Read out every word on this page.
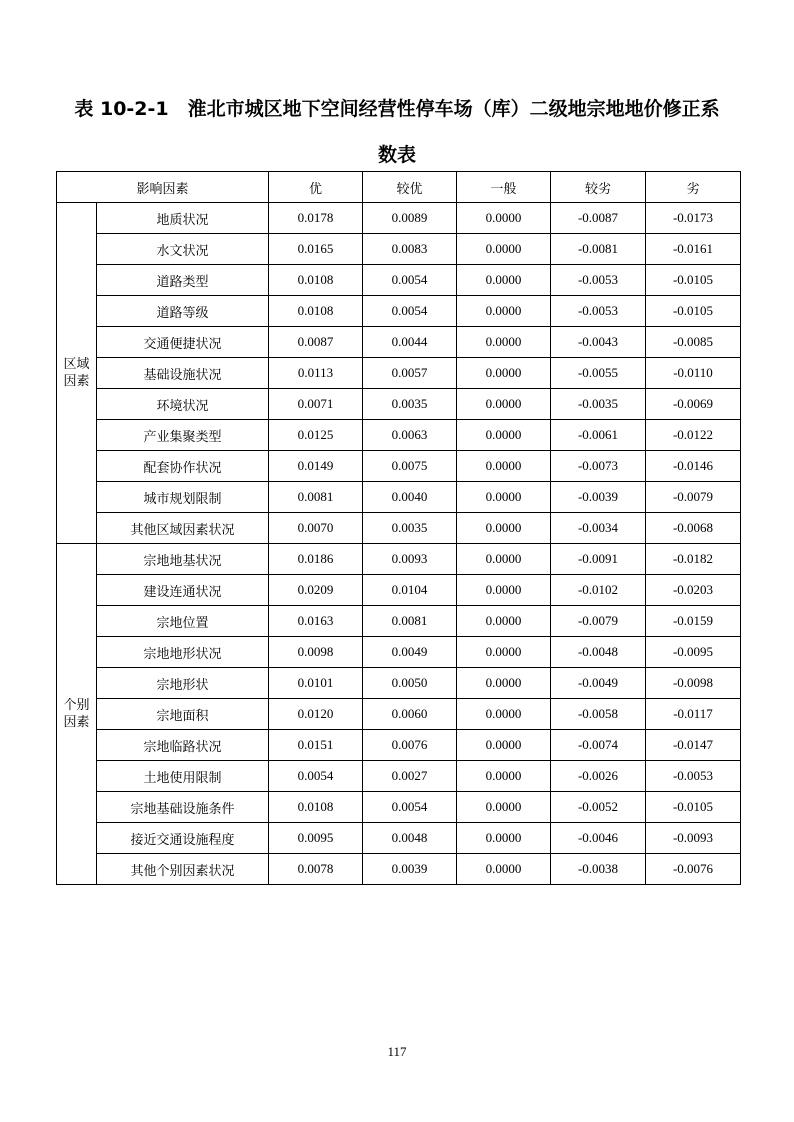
表 10-2-1　淮北市城区地下空间经营性停车场（库）二级地宗地地价修正系
数表
影响因素		优	较优	一般	较劣	劣

区域
因素	地质状况	0.0178	0.0089	0.0000	-0.0087	-0.0173
	水文状况	0.0165	0.0083	0.0000	-0.0081	-0.0161
	道路类型	0.0108	0.0054	0.0000	-0.0053	-0.0105
	道路等级	0.0108	0.0054	0.0000	-0.0053	-0.0105
	交通便捷状况	0.0087	0.0044	0.0000	-0.0043	-0.0085
	基础设施状况	0.0113	0.0057	0.0000	-0.0055	-0.0110
	环境状况	0.0071	0.0035	0.0000	-0.0035	-0.0069
	产业集聚类型	0.0125	0.0063	0.0000	-0.0061	-0.0122
	配套协作状况	0.0149	0.0075	0.0000	-0.0073	-0.0146
	城市规划限制	0.0081	0.0040	0.0000	-0.0039	-0.0079
	其他区域因素状况	0.0070	0.0035	0.0000	-0.0034	-0.0068

个别
因素	宗地地基状况	0.0186	0.0093	0.0000	-0.0091	-0.0182
	建设连通状况	0.0209	0.0104	0.0000	-0.0102	-0.0203
	宗地位置	0.0163	0.0081	0.0000	-0.0079	-0.0159
	宗地地形状况	0.0098	0.0049	0.0000	-0.0048	-0.0095
	宗地形状	0.0101	0.0050	0.0000	-0.0049	-0.0098
	宗地面积	0.0120	0.0060	0.0000	-0.0058	-0.0117
	宗地临路状况	0.0151	0.0076	0.0000	-0.0074	-0.0147
	土地使用限制	0.0054	0.0027	0.0000	-0.0026	-0.0053
	宗地基础设施条件	0.0108	0.0054	0.0000	-0.0052	-0.0105
	接近交通设施程度	0.0095	0.0048	0.0000	-0.0046	-0.0093
	其他个别因素状况	0.0078	0.0039	0.0000	-0.0038	-0.0076
117
